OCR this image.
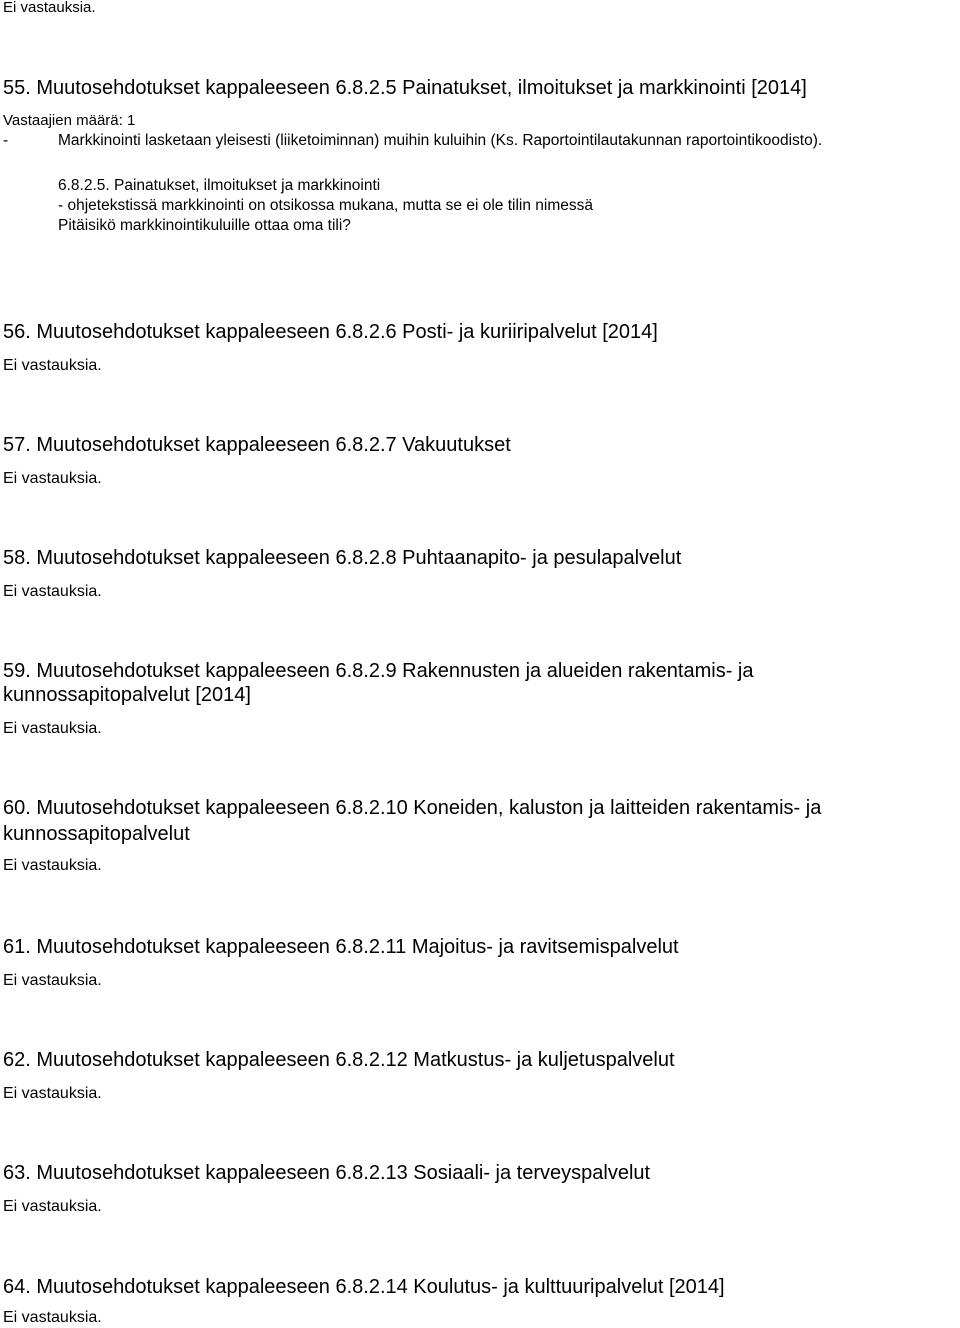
Ei vastauksia.
55. Muutosehdotukset kappaleeseen 6.8.2.5 Painatukset, ilmoitukset ja markkinointi [2014]
Vastaajien määrä: 1
-	Markkinointi lasketaan yleisesti (liiketoiminnan) muihin kuluihin (Ks. Raportointilautakunnan raportointikoodisto).
6.8.2.5. Painatukset, ilmoitukset ja markkinointi
- ohjetekstissä markkinointi on otsikossa mukana, mutta se ei ole tilin nimessä
Pitäisikö markkinointikuluille ottaa oma tili?
56. Muutosehdotukset kappaleeseen 6.8.2.6 Posti- ja kuriiripalvelut [2014]
Ei vastauksia.
57. Muutosehdotukset kappaleeseen 6.8.2.7 Vakuutukset
Ei vastauksia.
58. Muutosehdotukset kappaleeseen 6.8.2.8 Puhtaanapito- ja pesulapalvelut
Ei vastauksia.
59. Muutosehdotukset kappaleeseen 6.8.2.9 Rakennusten ja alueiden rakentamis- ja
kunnossapitopalvelut [2014]
Ei vastauksia.
60. Muutosehdotukset kappaleeseen 6.8.2.10 Koneiden, kaluston ja laitteiden rakentamis- ja
kunnossapitopalvelut
Ei vastauksia.
61. Muutosehdotukset kappaleeseen 6.8.2.11 Majoitus- ja ravitsemispalvelut
Ei vastauksia.
62. Muutosehdotukset kappaleeseen 6.8.2.12 Matkustus- ja kuljetuspalvelut
Ei vastauksia.
63. Muutosehdotukset kappaleeseen 6.8.2.13 Sosiaali- ja terveyspalvelut
Ei vastauksia.
64. Muutosehdotukset kappaleeseen 6.8.2.14 Koulutus- ja kulttuuripalvelut [2014]
Ei vastauksia.
